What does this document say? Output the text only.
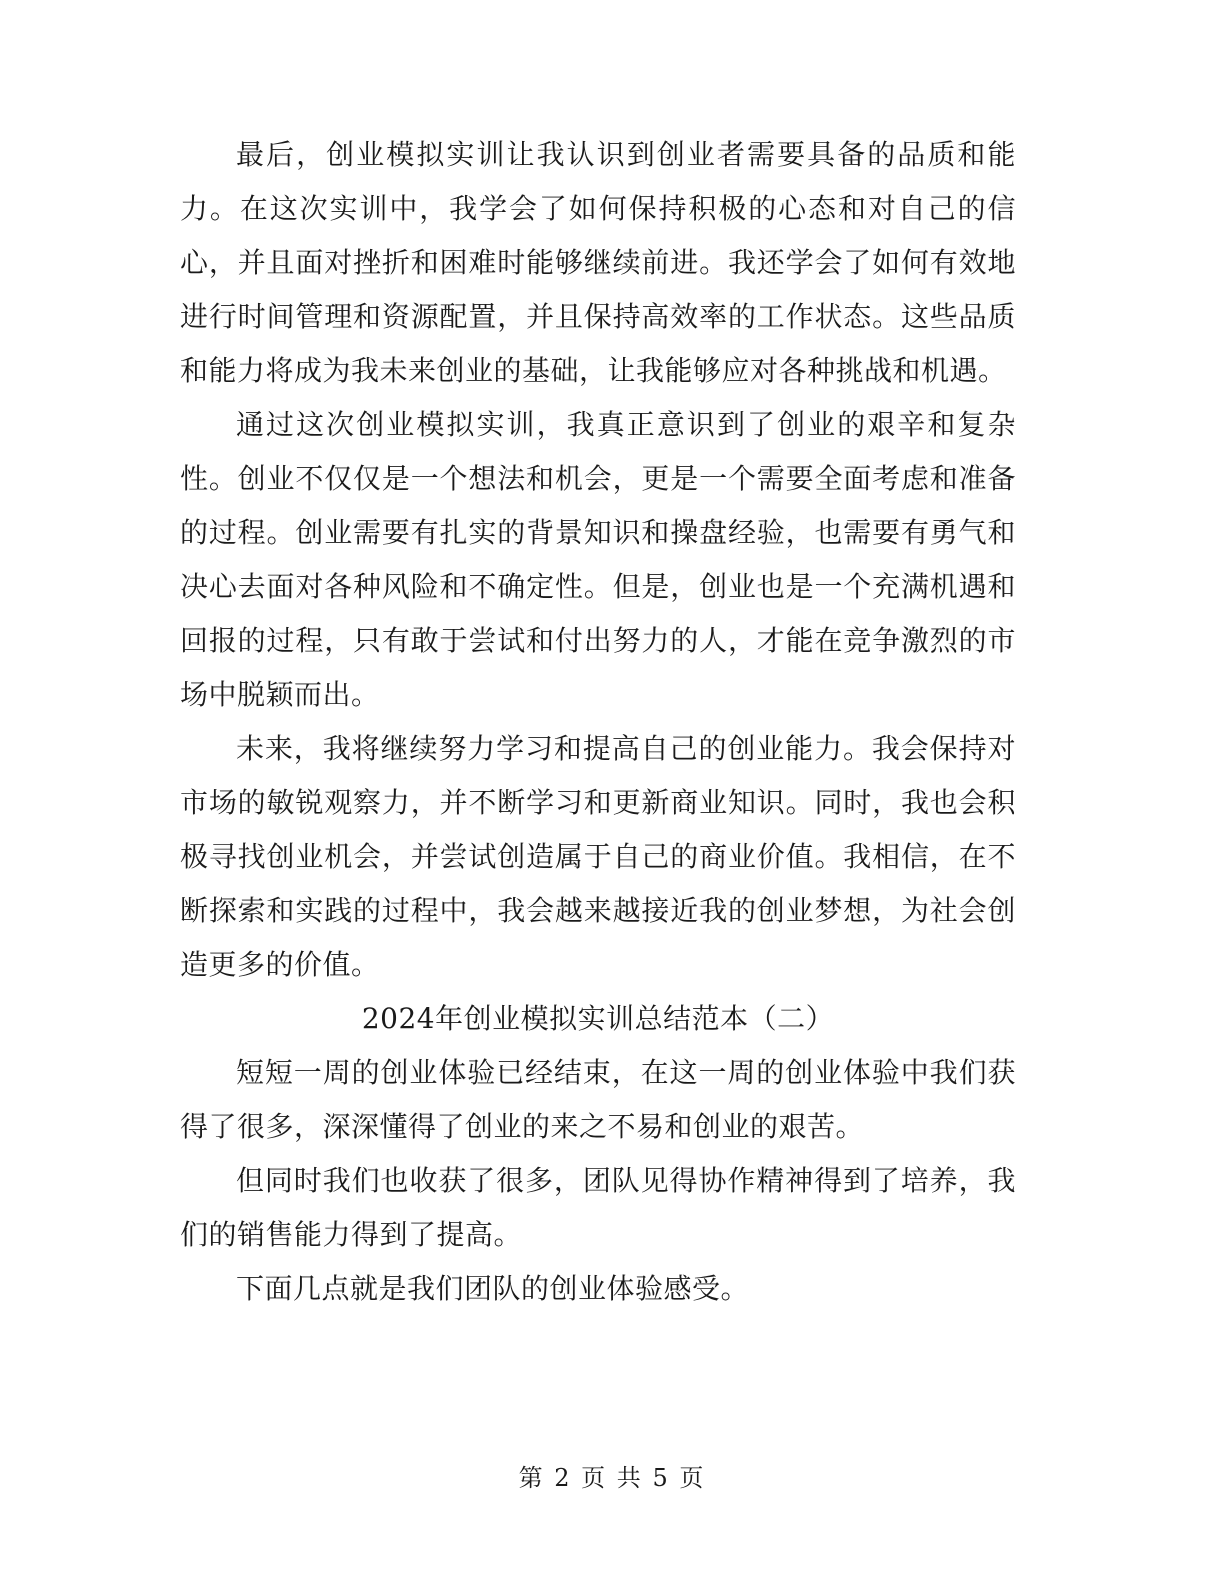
最后，创业模拟实训让我认识到创业者需要具备的品质和能力。在这次实训中，我学会了如何保持积极的心态和对自己的信心，并且面对挫折和困难时能够继续前进。我还学会了如何有效地进行时间管理和资源配置，并且保持高效率的工作状态。这些品质和能力将成为我未来创业的基础，让我能够应对各种挑战和机遇。

通过这次创业模拟实训，我真正意识到了创业的艰辛和复杂性。创业不仅仅是一个想法和机会，更是一个需要全面考虑和准备的过程。创业需要有扎实的背景知识和操盘经验，也需要有勇气和决心去面对各种风险和不确定性。但是，创业也是一个充满机遇和回报的过程，只有敢于尝试和付出努力的人，才能在竞争激烈的市场中脱颖而出。

未来，我将继续努力学习和提高自己的创业能力。我会保持对市场的敏锐观察力，并不断学习和更新商业知识。同时，我也会积极寻找创业机会，并尝试创造属于自己的商业价值。我相信，在不断探索和实践的过程中，我会越来越接近我的创业梦想，为社会创造更多的价值。

2024年创业模拟实训总结范本（二）

短短一周的创业体验已经结束，在这一周的创业体验中我们获得了很多，深深懂得了创业的来之不易和创业的艰苦。

但同时我们也收获了很多，团队见得协作精神得到了培养，我们的销售能力得到了提高。

下面几点就是我们团队的创业体验感受。

第 2 页 共 5 页
